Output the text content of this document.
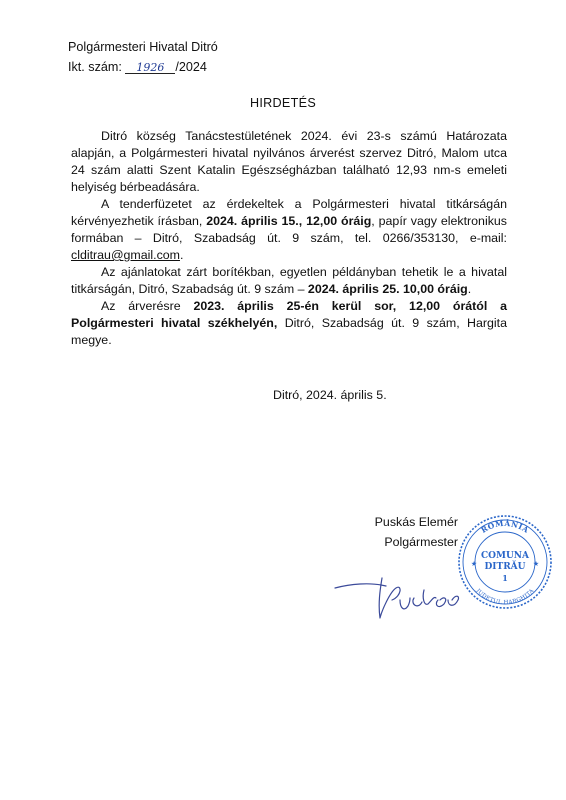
Polgármesteri Hivatal Ditró
Ikt. szám: 1926 /2024
HIRDETÉS

Ditró község Tanácstestületének 2024. évi 23-s számú Határozata alapján, a Polgármesteri hivatal nyilvános árverést szervez Ditró, Malom utca 24 szám alatti Szent Katalin Egészségházban található 12,93 nm-s emeleti helyiség bérbeadására.

A tenderfüzetet az érdekeltek a Polgármesteri hivatal titkárságán kérvényezhetik írásban, 2024. április 15., 12,00 óráig, papír vagy elektronikus formában – Ditró, Szabadság út. 9 szám, tel. 0266/353130, e-mail: clditrau@gmail.com.

Az ajánlatokat zárt borítékban, egyetlen példányban tehetik le a hivatal titkárságán, Ditró, Szabadság út. 9 szám – 2024. április 25. 10,00 óráig.

Az árverésre 2023. április 25-én kerül sor, 12,00 órától a Polgármesteri hivatal székhelyén, Ditró, Szabadság út. 9 szám, Hargita megye.

Ditró, 2024. április 5.
Puskás Elemér
Polgármester
ROMÂNIA
JUDEȚUL HARGHITA
COMUNA
DITRĂU
1
★	★
